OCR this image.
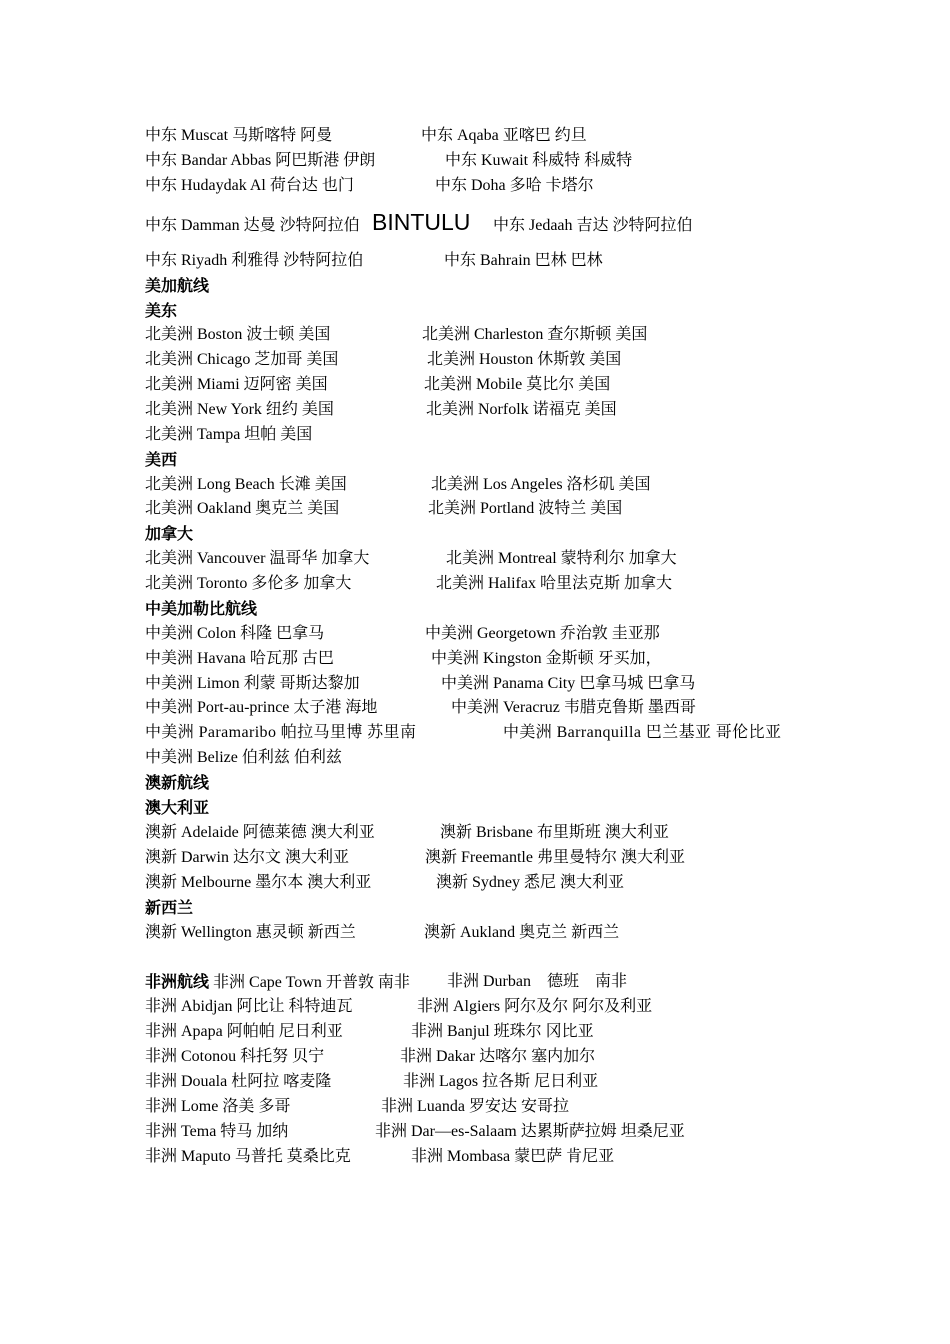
中东 Muscat 马斯喀特 阿曼	中东 Aqaba 亚喀巴 约旦
中东 Bandar Abbas 阿巴斯港 伊朗	中东 Kuwait 科威特 科威特
中东 Hudaydak Al 荷台达 也门	中东 Doha 多哈 卡塔尔
中东 Damman 达曼 沙特阿拉伯 BINTULU 中东 Jedaah 吉达 沙特阿拉伯
中东 Riyadh 利雅得 沙特阿拉伯	中东 Bahrain 巴林 巴林
美加航线
美东
北美洲 Boston 波士顿 美国	北美洲 Charleston 查尔斯顿 美国
北美洲 Chicago 芝加哥 美国	北美洲 Houston 休斯敦 美国
北美洲 Miami 迈阿密 美国	北美洲 Mobile 莫比尔 美国
北美洲 New York 纽约 美国	北美洲 Norfolk 诺福克 美国
北美洲 Tampa 坦帕 美国
美西
北美洲 Long Beach 长滩 美国	北美洲 Los Angeles 洛杉矶 美国
北美洲 Oakland 奥克兰 美国	北美洲 Portland 波特兰 美国
加拿大
北美洲 Vancouver 温哥华 加拿大	北美洲 Montreal 蒙特利尔 加拿大
北美洲 Toronto 多伦多 加拿大	北美洲 Halifax 哈里法克斯 加拿大
中美加勒比航线
中美洲 Colon 科隆 巴拿马	中美洲 Georgetown 乔治敦 圭亚那
中美洲 Havana 哈瓦那 古巴	中美洲 Kingston 金斯顿 牙买加，
中美洲 Limon 利蒙 哥斯达黎加	中美洲 Panama City 巴拿马城 巴拿马
中美洲 Port-au-prince 太子港 海地	中美洲 Veracruz 韦腊克鲁斯 墨西哥
中美洲 Paramaribo 帕拉马里博 苏里南	中美洲 Barranquilla 巴兰基亚 哥伦比亚
中美洲 Belize 伯利兹 伯利兹
澳新航线
澳大利亚
澳新 Adelaide 阿德莱德 澳大利亚	澳新 Brisbane 布里斯班 澳大利亚
澳新 Darwin 达尔文 澳大利亚	澳新 Freemantle 弗里曼特尔 澳大利亚
澳新 Melbourne 墨尔本 澳大利亚	澳新 Sydney 悉尼 澳大利亚
新西兰
澳新 Wellington 惠灵顿 新西兰	澳新 Aukland 奥克兰 新西兰
非洲航线 非洲 Cape Town 开普敦 南非 非洲 Durban　德班　南非
非洲 Abidjan 阿比让 科特迪瓦	非洲 Algiers 阿尔及尔 阿尔及利亚
非洲 Apapa 阿帕帕 尼日利亚	非洲 Banjul 班珠尔 冈比亚
非洲 Cotonou 科托努 贝宁	非洲 Dakar 达喀尔 塞内加尔
非洲 Douala 杜阿拉 喀麦隆	非洲 Lagos 拉各斯 尼日利亚
非洲 Lome 洛美 多哥	非洲 Luanda 罗安达 安哥拉
非洲 Tema 特马 加纳	非洲 Dar—es-Salaam 达累斯萨拉姆 坦桑尼亚
非洲 Maputo 马普托 莫桑比克	非洲 Mombasa 蒙巴萨 肯尼亚
